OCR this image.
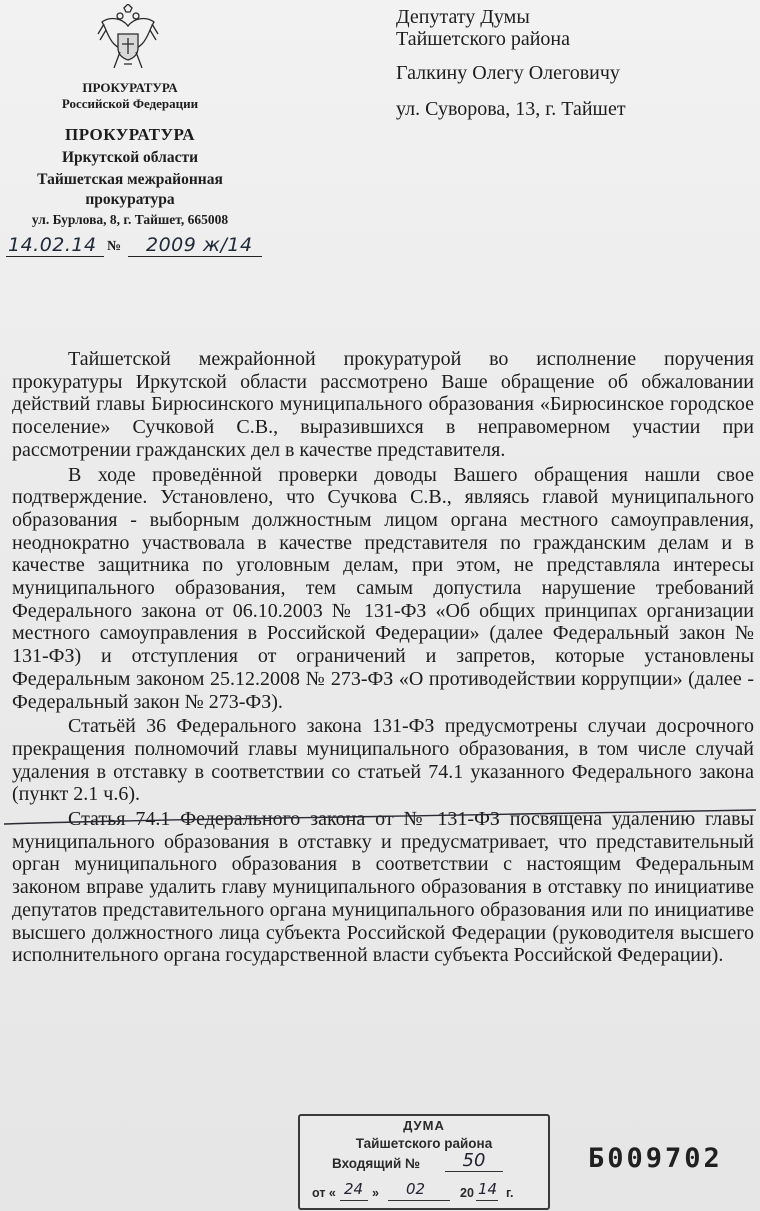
ПРОКУРАТУРА
Российской Федерации
ПРОКУРАТУРА
Иркутской области
Тайшетская межрайонная
прокуратура
ул. Бурлова, 8, г. Тайшет, 665008
14.02.14 № 2009 ж/14
Депутату Думы
Тайшетского района
Галкину Олегу Олеговичу
ул. Суворова, 13, г. Тайшет

Тайшетской межрайонной прокуратурой во исполнение поручения прокуратуры Иркутской области рассмотрено Ваше обращение об обжаловании действий главы Бирюсинского муниципального образования «Бирюсинское городское поселение» Сучковой С.В., выразившихся в неправомерном участии при рассмотрении гражданских дел в качестве представителя.

В ходе проведённой проверки доводы Вашего обращения нашли свое подтверждение. Установлено, что Сучкова С.В., являясь главой муниципального образования - выборным должностным лицом органа местного самоуправления, неоднократно участвовала в качестве представителя по гражданским делам и в качестве защитника по уголовным делам, при этом, не представляла интересы муниципального образования, тем самым допустила нарушение требований Федерального закона от 06.10.2003 № 131-ФЗ «Об общих принципах организации местного самоуправления в Российской Федерации» (далее Федеральный закон № 131-ФЗ) и отступления от ограничений и запретов, которые установлены Федеральным законом 25.12.2008 № 273-ФЗ «О противодействии коррупции» (далее - Федеральный закон № 273-ФЗ).

Статьёй 36 Федерального закона 131-ФЗ предусмотрены случаи досрочного прекращения полномочий главы муниципального образования, в том числе случай удаления в отставку в соответствии со статьей 74.1 указанного Федерального закона (пункт 2.1 ч.6).

Статья 74.1 Федерального закона от № 131-ФЗ посвящена удалению главы муниципального образования в отставку и предусматривает, что представительный орган муниципального образования в соответствии с настоящим Федеральным законом вправе удалить главу муниципального образования в отставку по инициативе депутатов представительного органа муниципального образования или по инициативе высшего должностного лица субъекта Российской Федерации (руководителя высшего исполнительного органа государственной власти субъекта Российской Федерации).

ДУМА
Тайшетского района
Входящий №	50
от « 24 » 02	20 14 г.
Б009702
